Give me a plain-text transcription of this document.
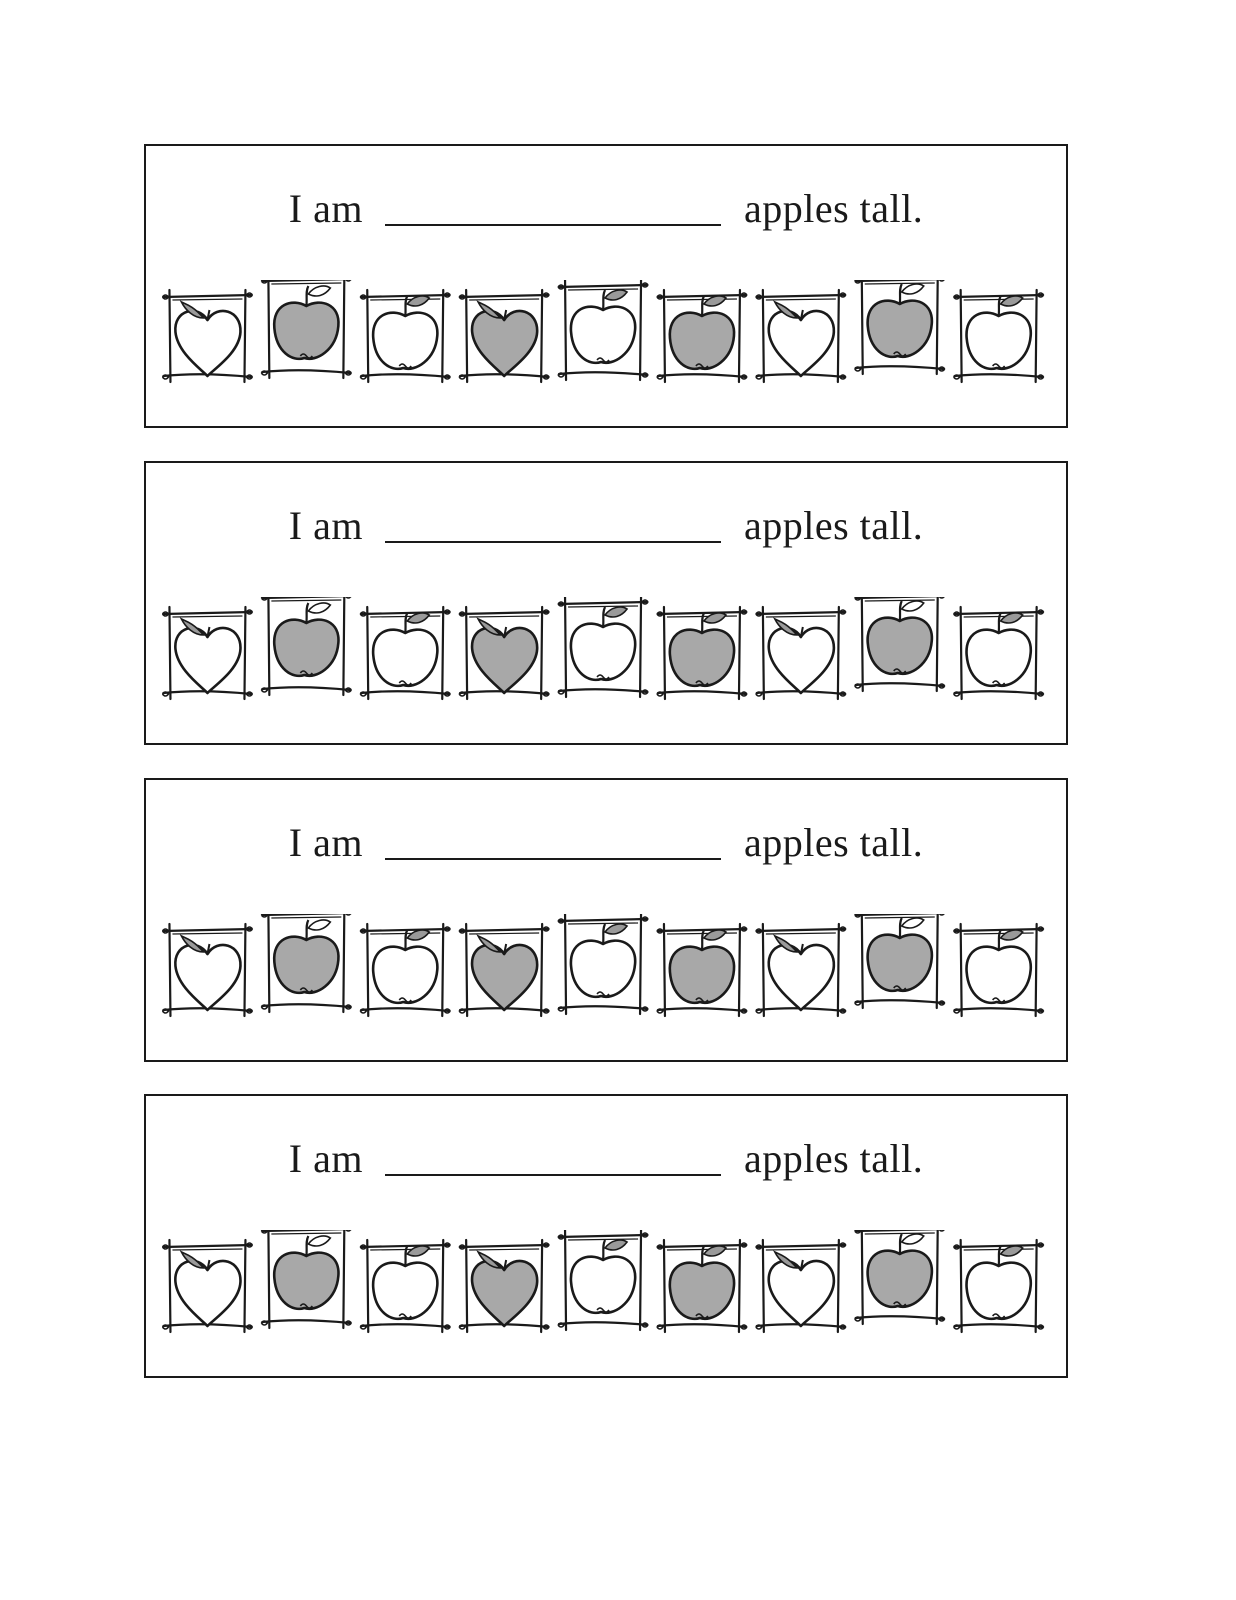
I am	apples tall.
I am	apples tall.
I am	apples tall.
I am	apples tall.
